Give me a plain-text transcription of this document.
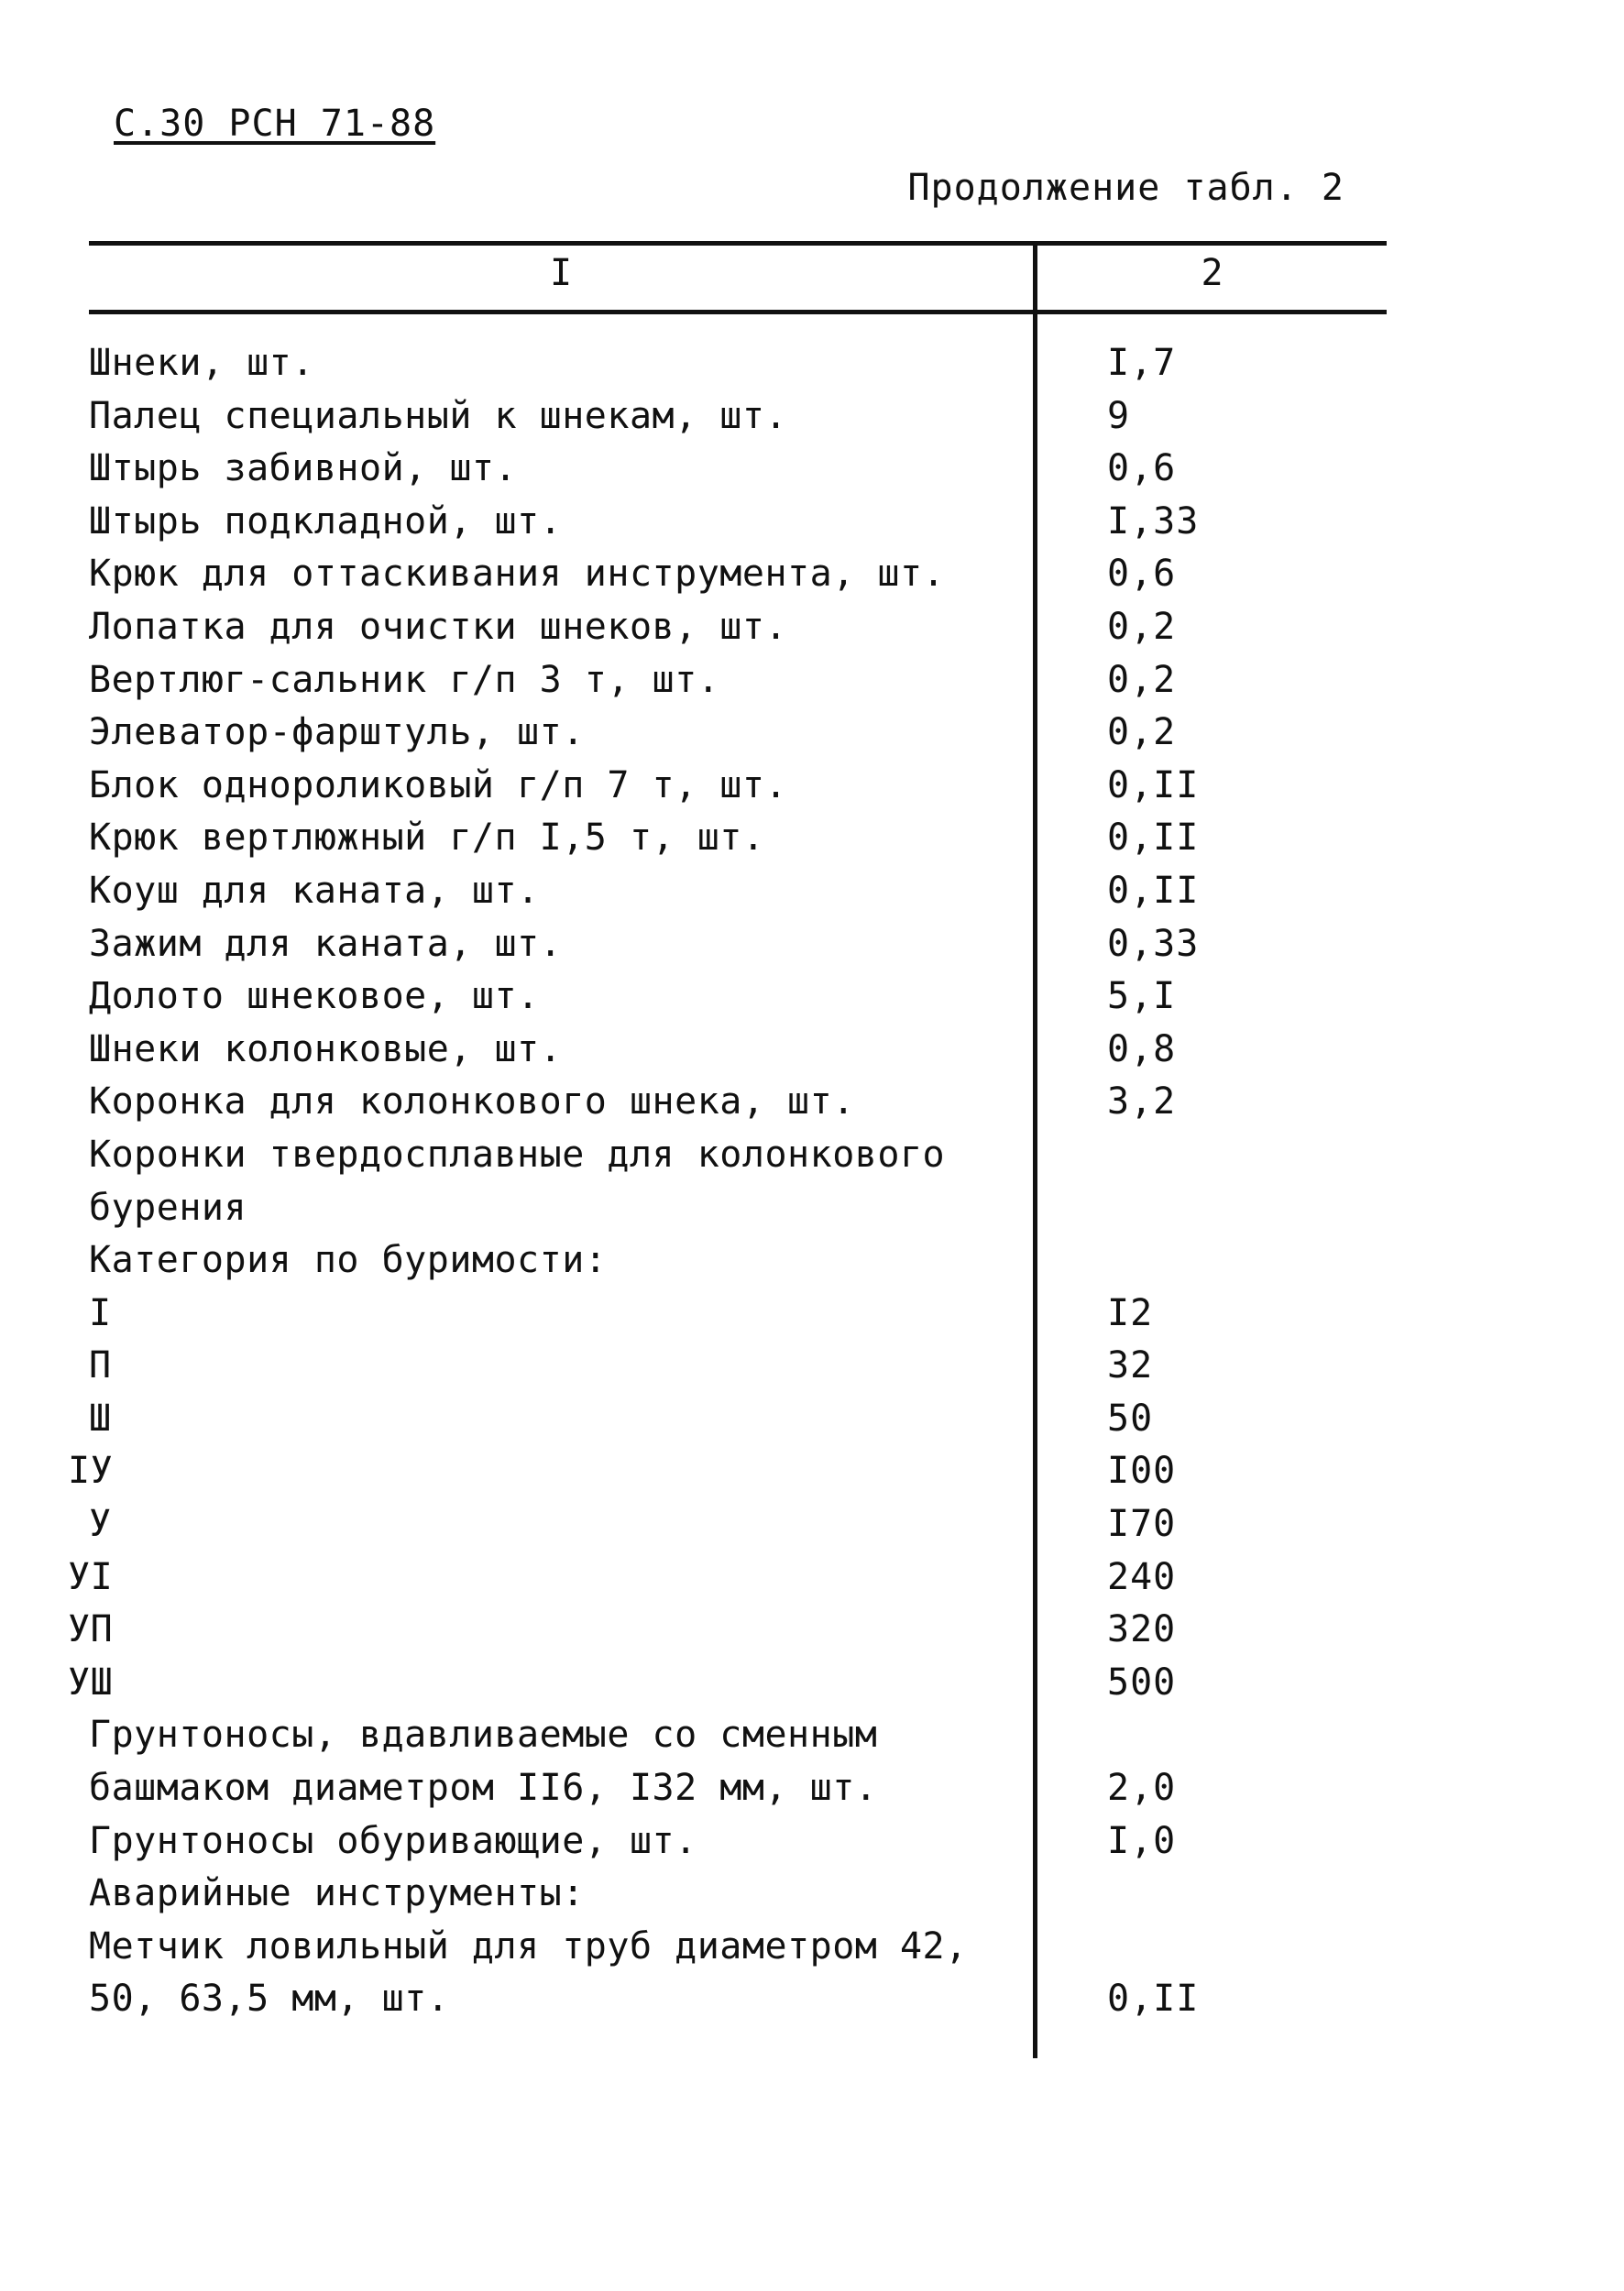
С.30 РСН 71-88
Продолжение табл. 2
I	2
Шнеки, шт.	I,7
Палец специальный к шнекам, шт.	9
Штырь забивной, шт.	0,6
Штырь подкладной, шт.	I,33
Крюк для оттаскивания инструмента, шт.	0,6
Лопатка для очистки шнеков, шт.	0,2
Вертлюг-сальник г/п 3 т, шт.	0,2
Элеватор-фарштуль, шт.	0,2
Блок однороликовый г/п 7 т, шт.	0,II
Крюк вертлюжный г/п I,5 т, шт.	0,II
Коуш для каната, шт.	0,II
Зажим для каната, шт.	0,33
Долото шнековое, шт.	5,I
Шнеки колонковые, шт.	0,8
Коронка для колонкового шнека, шт.	3,2
Коронки твердосплавные для колонкового
бурения
Категория по буримости:
I	I2
П	32
Ш	50
IУ	I00
У	I70
УI	240
УП	320
УШ	500
Грунтоносы, вдавливаемые со сменным
башмаком диаметром II6, I32 мм, шт.	2,0
Грунтоносы обуривающие, шт.	I,0
Аварийные инструменты:
Метчик ловильный для труб диаметром 42,
50, 63,5 мм, шт.	0,II
